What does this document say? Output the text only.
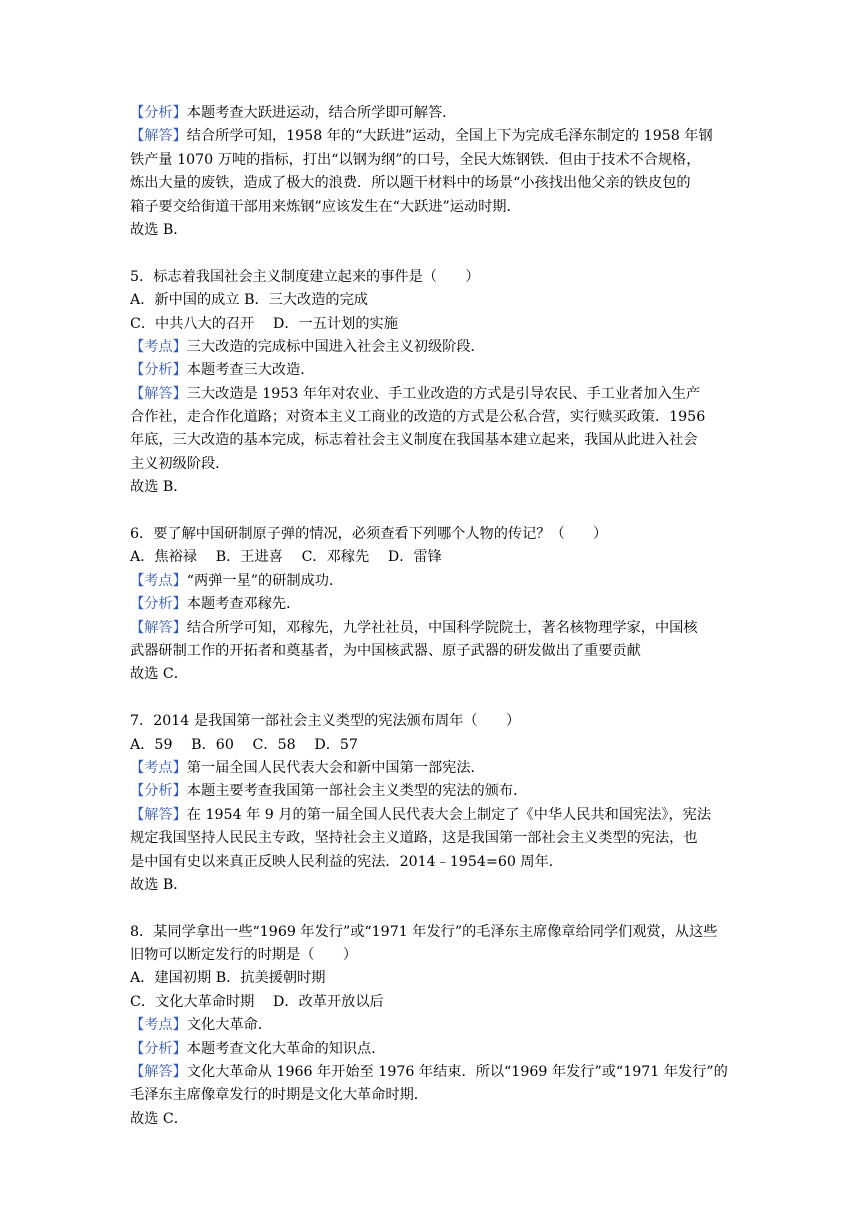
【分析】本题考查大跃进运动，结合所学即可解答．
【解答】结合所学可知，1958 年的“大跃进”运动，全国上下为完成毛泽东制定的 1958 年钢
铁产量 1070 万吨的指标，打出“以钢为纲”的口号，全民大炼钢铁．但由于技术不合规格，
炼出大量的废铁，造成了极大的浪费．所以题干材料中的场景“小孩找出他父亲的铁皮包的
箱子要交给街道干部用来炼钢”应该发生在“大跃进”运动时期．
故选 B．
5．标志着我国社会主义制度建立起来的事件是（　　）
A．新中国的成立 B．三大改造的完成
C．中共八大的召开　 D．一五计划的实施
【考点】三大改造的完成标中国进入社会主义初级阶段．
【分析】本题考查三大改造．
【解答】三大改造是 1953 年年对农业、手工业改造的方式是引导农民、手工业者加入生产
合作社，走合作化道路；对资本主义工商业的改造的方式是公私合营，实行赎买政策．1956
年底，三大改造的基本完成，标志着社会主义制度在我国基本建立起来，我国从此进入社会
主义初级阶段．
故选 B．
6．要了解中国研制原子弹的情况，必须查看下列哪个人物的传记？（　　）
A．焦裕禄　 B．王进喜　 C．邓稼先　 D．雷锋
【考点】“两弹一星”的研制成功．
【分析】本题考查邓稼先．
【解答】结合所学可知，邓稼先，九学社社员，中国科学院院士，著名核物理学家，中国核
武器研制工作的开拓者和奠基者，为中国核武器、原子武器的研发做出了重要贡献
故选 C．
7．2014 是我国第一部社会主义类型的宪法颁布周年（　　）
A．59　 B．60　 C．58　 D．57
【考点】第一届全国人民代表大会和新中国第一部宪法．
【分析】本题主要考查我国第一部社会主义类型的宪法的颁布．
【解答】在 1954 年 9 月的第一届全国人民代表大会上制定了《中华人民共和国宪法》，宪法
规定我国坚持人民民主专政，坚持社会主义道路，这是我国第一部社会主义类型的宪法，也
是中国有史以来真正反映人民利益的宪法．2014﹣1954=60 周年．
故选 B．
8．某同学拿出一些“1969 年发行”或“1971 年发行”的毛泽东主席像章给同学们观赏，从这些
旧物可以断定发行的时期是（　　）
A．建国初期 B．抗美援朝时期
C．文化大革命时期　 D．改革开放以后
【考点】文化大革命．
【分析】本题考查文化大革命的知识点．
【解答】文化大革命从 1966 年开始至 1976 年结束．所以“1969 年发行”或“1971 年发行”的
毛泽东主席像章发行的时期是文化大革命时期．
故选 C．
